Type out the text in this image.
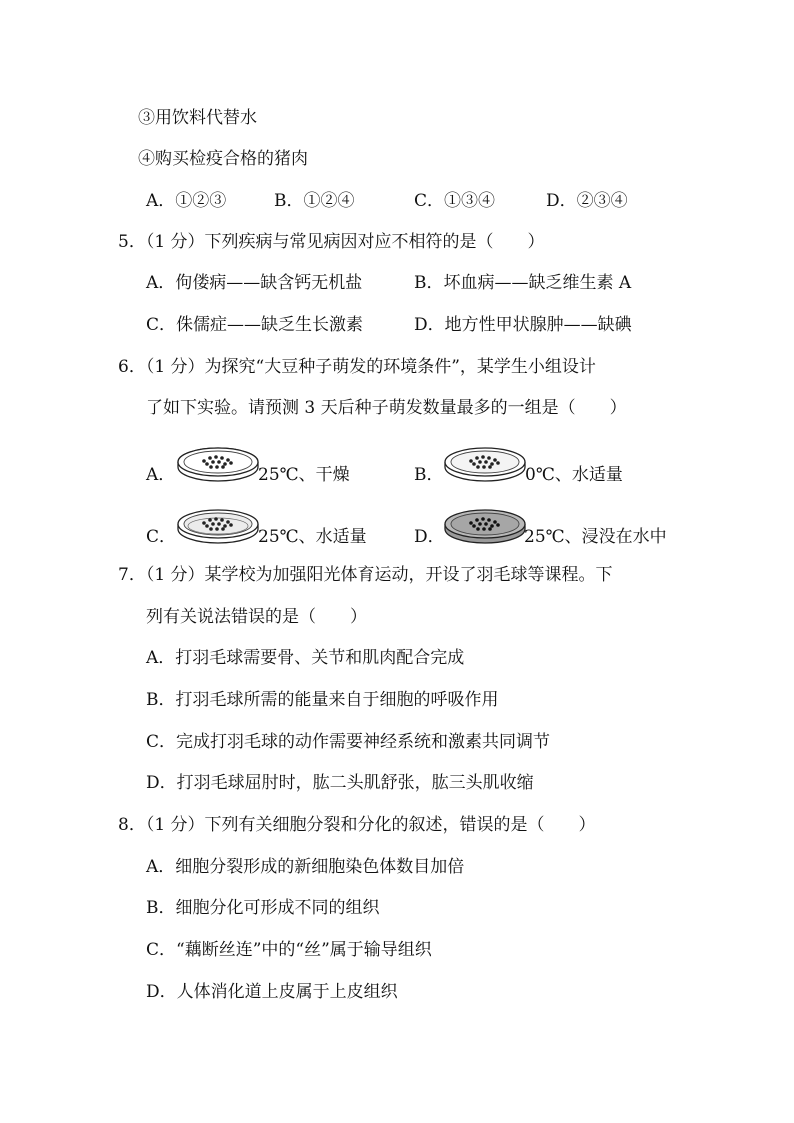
③用饮料代替水
④购买检疫合格的猪肉
A．①②③	B．①②④	C．①③④	D．②③④
5．（1 分）下列疾病与常见病因对应不相符的是（　　）
A．佝偻病——缺含钙无机盐	B．坏血病——缺乏维生素 A
C．侏儒症——缺乏生长激素	D．地方性甲状腺肿——缺碘
6．（1 分）为探究“大豆种子萌发的环境条件”，某学生小组设计
了如下实验。请预测 3 天后种子萌发数量最多的一组是（　　）
A．	25℃、干燥	B．	0℃、水适量
C．	25℃、水适量	D．	25℃、浸没在水中
7．（1 分）某学校为加强阳光体育运动，开设了羽毛球等课程。下
列有关说法错误的是（　　）
A．打羽毛球需要骨、关节和肌肉配合完成
B．打羽毛球所需的能量来自于细胞的呼吸作用
C．完成打羽毛球的动作需要神经系统和激素共同调节
D．打羽毛球屈肘时，肱二头肌舒张，肱三头肌收缩
8．（1 分）下列有关细胞分裂和分化的叙述，错误的是（　　）
A．细胞分裂形成的新细胞染色体数目加倍
B．细胞分化可形成不同的组织
C．“藕断丝连”中的“丝”属于输导组织
D．人体消化道上皮属于上皮组织
